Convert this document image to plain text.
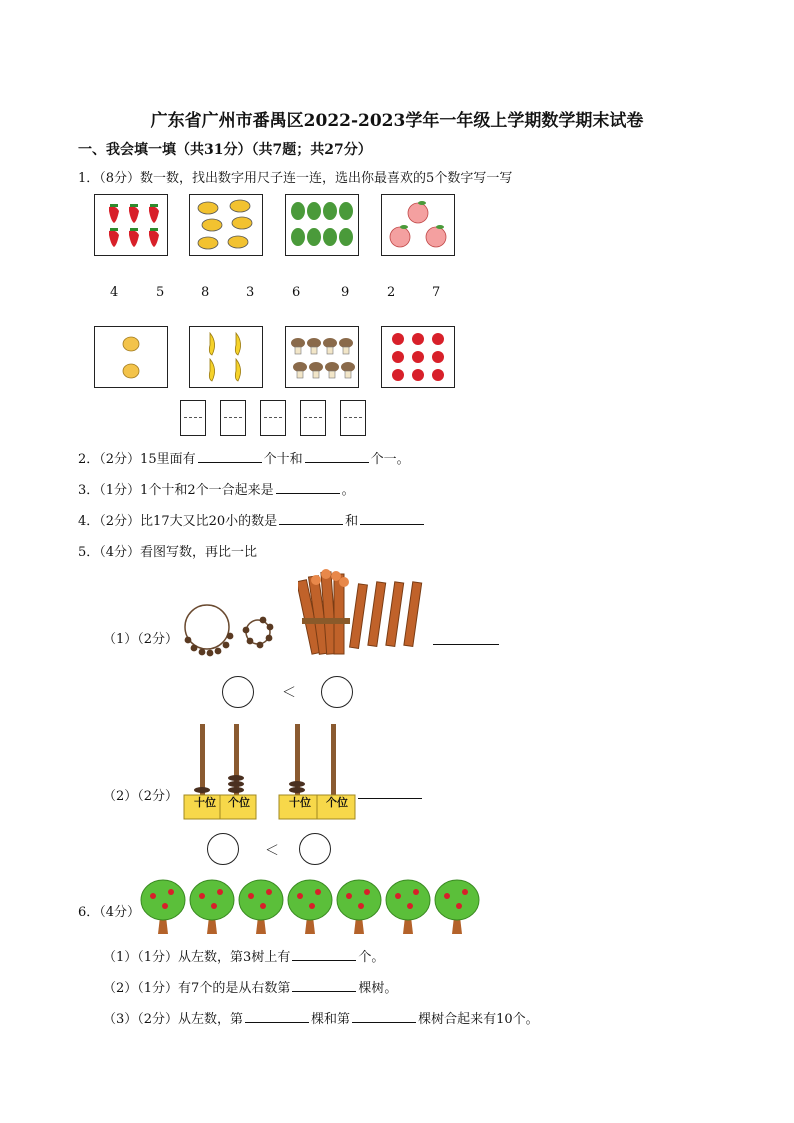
广东省广州市番禺区2022-2023学年一年级上学期数学期末试卷
一、我会填一填（共31分）（共7题；共27分）
1．（8分）数一数，找出数字用尺子连一连，选出你最喜欢的5个数字写一写
4	5	8	3	6	9	2	7
2．（2分）15里面有	个十和	个一。
3．（1分）1个十和2个一合起来是	。
4．（2分）比17大又比20小的数是	和
5．（4分）看图写数，再比一比
（1）（2分）
＜
（2）（2分） 十位 个位	十位 个位
＜
6．（4分）
（1）（1分）从左数，第3树上有	个。
（2）（1分）有7个的是从右数第	棵树。
（3）（2分）从左数，第	棵和第	棵树合起来有10个。
